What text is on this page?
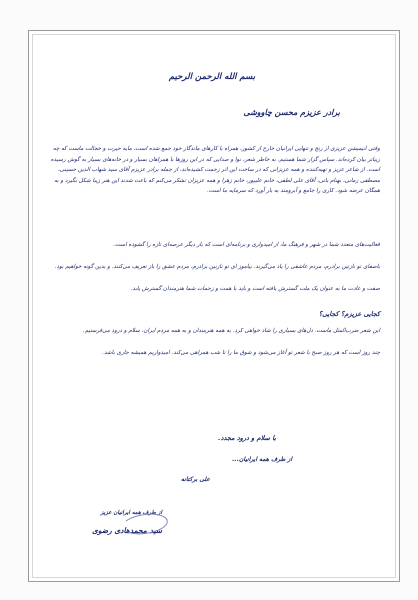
بسم الله الرحمن الرحیم
برادر عزیزم محسن چاووشی
وقتی انیمیشن عزیزی از رنج و تنهایی ایرانیان خارج از کشور، همراه با کارهای ماندگار خود جمع شده است، مایه حیرت و خجالت ماست که چه زیباتر بیان کرده‌اند. سپاس گزار شما هستیم. به خاطر شعر، نوا و صدایی که در این روزها با همراهان بسیار و در خانه‌های بسیار به گوش رسیده است. از شاعر عزیز و تهیه‌کننده و همه عزیزانی که در ساخت این اثر زحمت کشیده‌اند، از جمله برادر عزیزم آقای سید شهاب الدین حسینی، مصطفی زمانی، بهنام بانی، آقای علی لطفی، خانم علیپور، خانم زهرا و همه عزیزان تشکر می‌کنم که باعث شدند این هنر زیبا شکل بگیرد و به همگان عرضه شود. کاری را جامع و آبرومند به بار آورد که سرمایه ما است.
فعالیت‌های متعدد شما در شهر و فرهنگ ما، از امیدواری و برنامه‌ای است که بار دیگر عرصه‌ای تازه را گشوده است.
باصفای تو نازنین برادرم، مردم عاشقی را یاد می‌گیرند. بیاموز ای تو نازنین برادرم، مردم عشق را باز تعریف می‌کنند. و بدین گونه خواهیم بود.
صفت و عادت ما به عنوان یک ملت گسترش یافته است و باید با همت و زحمات شما هنرمندان گسترش یابد.
کجایی عزیزم؟ کجایی؟
این شعر ضرب‌المثل ماست. دل‌های بسیاری را شاد خواهی کرد. به همه هنرمندان و به همه مردم ایران، سلام و درود می‌فرستیم.
چند روز است که هر روز صبح با شعر تو آغاز می‌شود و شوق ما را تا شب همراهی می‌کند. امیدواریم همیشه جاری باشد.
با سلام و درود مجدد.
از طرف همه ایرانیان...
علی برکتانه
از طرف همه ایرانیان عزیز
سید محمدهادی رضوی
